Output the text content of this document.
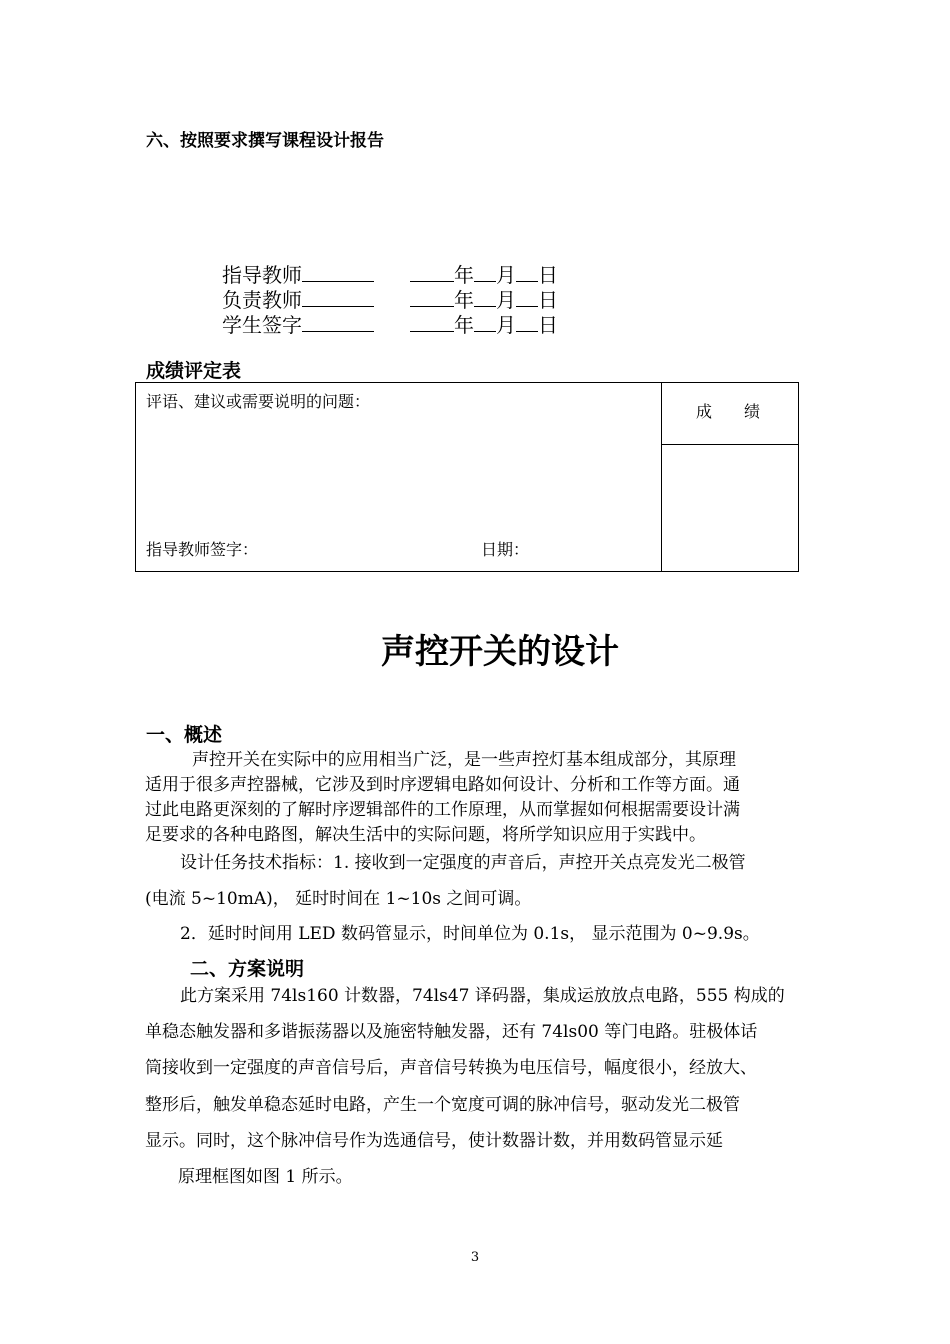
六、按照要求撰写课程设计报告
指导教师	年 月 日
负责教师	年 月 日
学生签字	年 月 日
成绩评定表
评语、建议或需要说明的问题：
成　　绩
指导教师签字：	日期：
声控开关的设计
一、概述
声控开关在实际中的应用相当广泛，是一些声控灯基本组成部分，其原理
适用于很多声控器械，它涉及到时序逻辑电路如何设计、分析和工作等方面。通
过此电路更深刻的了解时序逻辑部件的工作原理，从而掌握如何根据需要设计满
足要求的各种电路图，解决生活中的实际问题，将所学知识应用于实践中。
设计任务技术指标：1. 接收到一定强度的声音后，声控开关点亮发光二极管
(电流 5~10mA)， 延时时间在 1~10s 之间可调。
2．延时时间用 LED 数码管显示，时间单位为 0.1s， 显示范围为 0~9.9s。
二、方案说明
此方案采用 74ls160 计数器，74ls47 译码器，集成运放放点电路，555 构成的
单稳态触发器和多谐振荡器以及施密特触发器，还有 74ls00 等门电路。驻极体话
筒接收到一定强度的声音信号后，声音信号转换为电压信号，幅度很小，经放大、
整形后，触发单稳态延时电路，产生一个宽度可调的脉冲信号，驱动发光二极管
显示。同时，这个脉冲信号作为选通信号，使计数器计数，并用数码管显示延
原理框图如图 1 所示。
3
